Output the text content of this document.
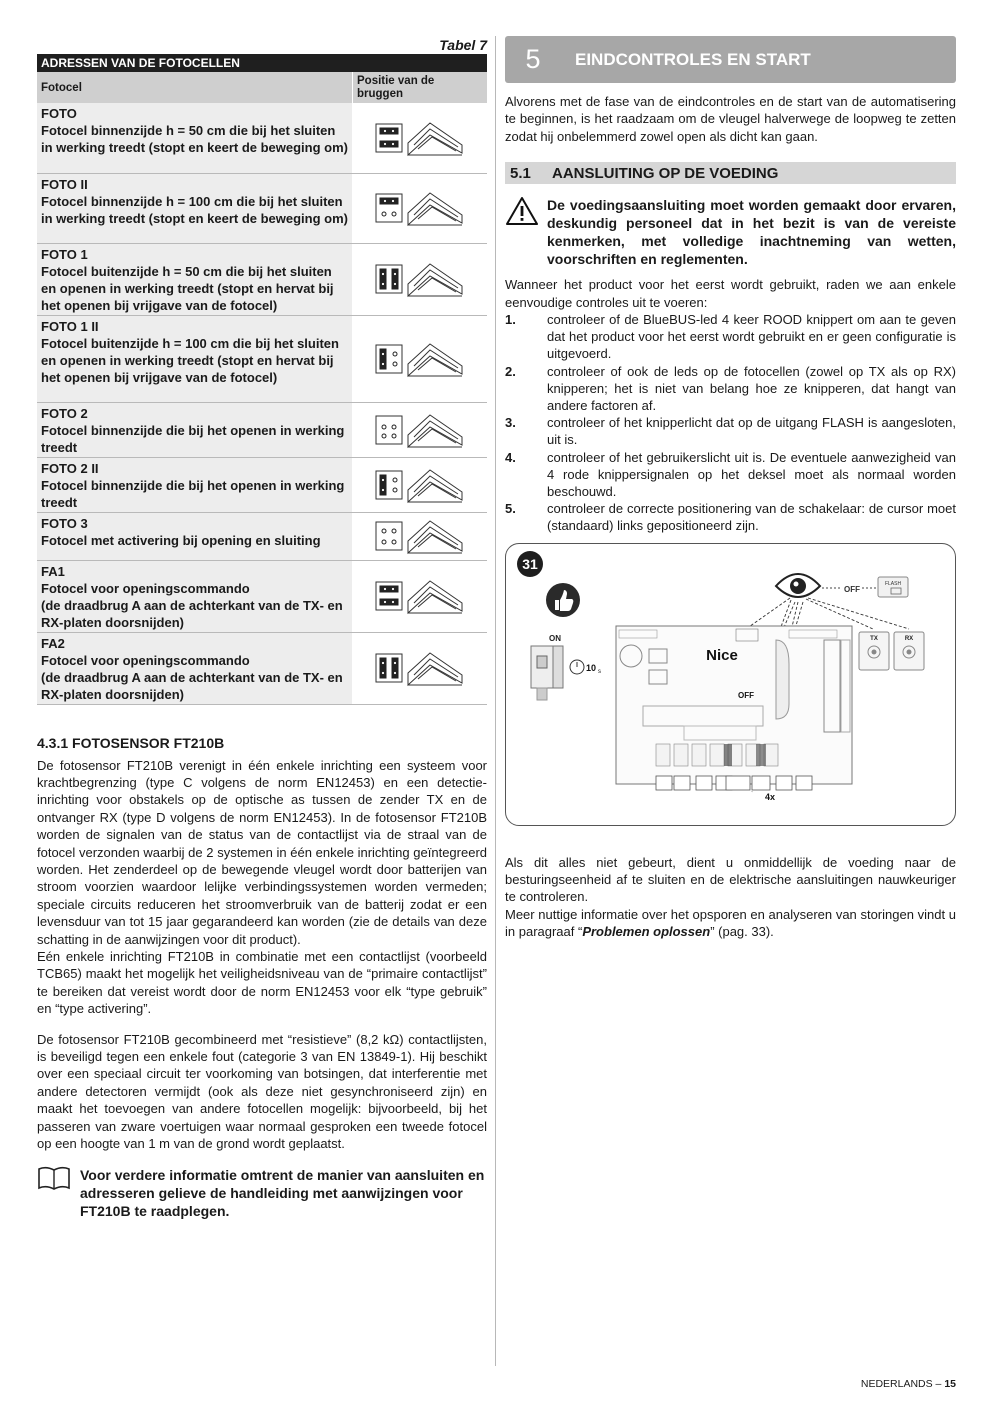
Tabel 7
ADRESSEN VAN DE FOTOCELLEN	
Fotocel	Positie van de bruggen

FOTO
Fotocel binnenzijde h = 50 cm die bij het sluiten in werking treedt (stopt en keert de beweging om)

FOTO II
Fotocel binnenzijde h = 100 cm die bij het sluiten in werking treedt (stopt en keert de beweging om)

FOTO 1
Fotocel buitenzijde h = 50 cm die bij het sluiten en openen in werking treedt (stopt en hervat bij het openen bij vrijgave van de fotocel)

FOTO 1 II
Fotocel buitenzijde h = 100 cm die bij het sluiten en openen in werking treedt (stopt en hervat bij het openen bij vrijgave van de fotocel)

FOTO 2
Fotocel binnenzijde die bij het openen in werking treedt

FOTO 2 II
Fotocel binnenzijde die bij het openen in werking treedt

FOTO 3
Fotocel met activering bij opening en sluiting

FA1
Fotocel voor openingscommando
(de draadbrug A aan de achterkant van de TX- en RX-platen doorsnijden)

FA2
Fotocel voor openingscommando
(de draadbrug A aan de achterkant van de TX- en RX-platen doorsnijden)

4.3.1 FOTOSENSOR FT210B

De fotosensor FT210B verenigt in één enkele inrichting een systeem voor krachtbegrenzing (type C volgens de norm EN12453) en een detectie-inrichting voor obstakels op de optische as tussen de zender TX en de ontvanger RX (type D volgens de norm EN12453). In de fotosensor FT210B worden de signalen van de status van de contactlijst via de straal van de fotocel verzonden waarbij de 2 systemen in één enkele inrichting geïntegreerd worden. Het zenderdeel op de bewegende vleugel wordt door batterijen van stroom voorzien waardoor lelijke verbindingssystemen worden vermeden; speciale circuits reduceren het stroomverbruik van de batterij zodat er een levensduur van tot 15 jaar gegarandeerd kan worden (zie de details van deze schatting in de aanwijzingen voor dit product).

Eén enkele inrichting FT210B in combinatie met een contactlijst (voorbeeld TCB65) maakt het mogelijk het veiligheidsniveau van de “primaire contactlijst” te bereiken dat vereist wordt door de norm EN12453 voor elk “type gebruik” en “type activering”.

De fotosensor FT210B gecombineerd met “resistieve” (8,2 kΩ) contactlijsten, is beveiligd tegen een enkele fout (categorie 3 van EN 13849-1). Hij beschikt over een speciaal circuit ter voorkoming van botsingen, dat interferentie met andere detectoren vermijdt (ook als deze niet gesynchroniseerd zijn) en maakt het toevoegen van andere fotocellen mogelijk: bijvoorbeeld, bij het passeren van zware voertuigen waar normaal gesproken een tweede fotocel op een hoogte van 1 m van de grond wordt geplaatst.

Voor verdere informatie omtrent de manier van aansluiten en adresseren gelieve de handleiding met aanwijzingen voor FT210B te raadplegen.
5	EINDCONTROLES EN START

Alvorens met de fase van de eindcontroles en de start van de automatisering te beginnen, is het raadzaam om de vleugel halverwege de loopweg te zetten zodat hij onbelemmerd zowel open als dicht kan gaan.

5.1	AANSLUITING OP DE VOEDING
De voedingsaansluiting moet worden gemaakt door ervaren, deskundig personeel dat in het bezit is van de vereiste kenmerken, met volledige inachtneming van wetten, voorschriften en reglementen.

Wanneer het product voor het eerst wordt gebruikt, raden we aan enkele eenvoudige controles uit te voeren:

1.	controleer of de BlueBUS-led 4 keer ROOD knippert om aan te geven dat het product voor het eerst wordt gebruikt en er geen configuratie is uitgevoerd.
2.	controleer of ook de leds op de fotocellen (zowel op TX als op RX) knipperen; het is niet van belang hoe ze knipperen, dat hangt van andere factoren af.
3.	controleer of het knipperlicht dat op de uitgang FLASH is aangesloten, uit is.
4.	controleer of het gebruikerslicht uit is. De eventuele aanwezigheid van 4 rode knippersignalen op het deksel moet als normaal worden beschouwd.
5.	controleer de correcte positionering van de schakelaar: de cursor moet (standaard) links gepositioneerd zijn.
31
OFF
FLASH
ON
10 s
Nice
OFF
4x
TX	RX

Als dit alles niet gebeurt, dient u onmiddellijk de voeding naar de besturingseenheid af te sluiten en de elektrische aansluitingen nauwkeuriger te controleren.

Meer nuttige informatie over het opsporen en analyseren van storingen vindt u in paragraaf “Problemen oplossen” (pag. 33).

NEDERLANDS – 15
